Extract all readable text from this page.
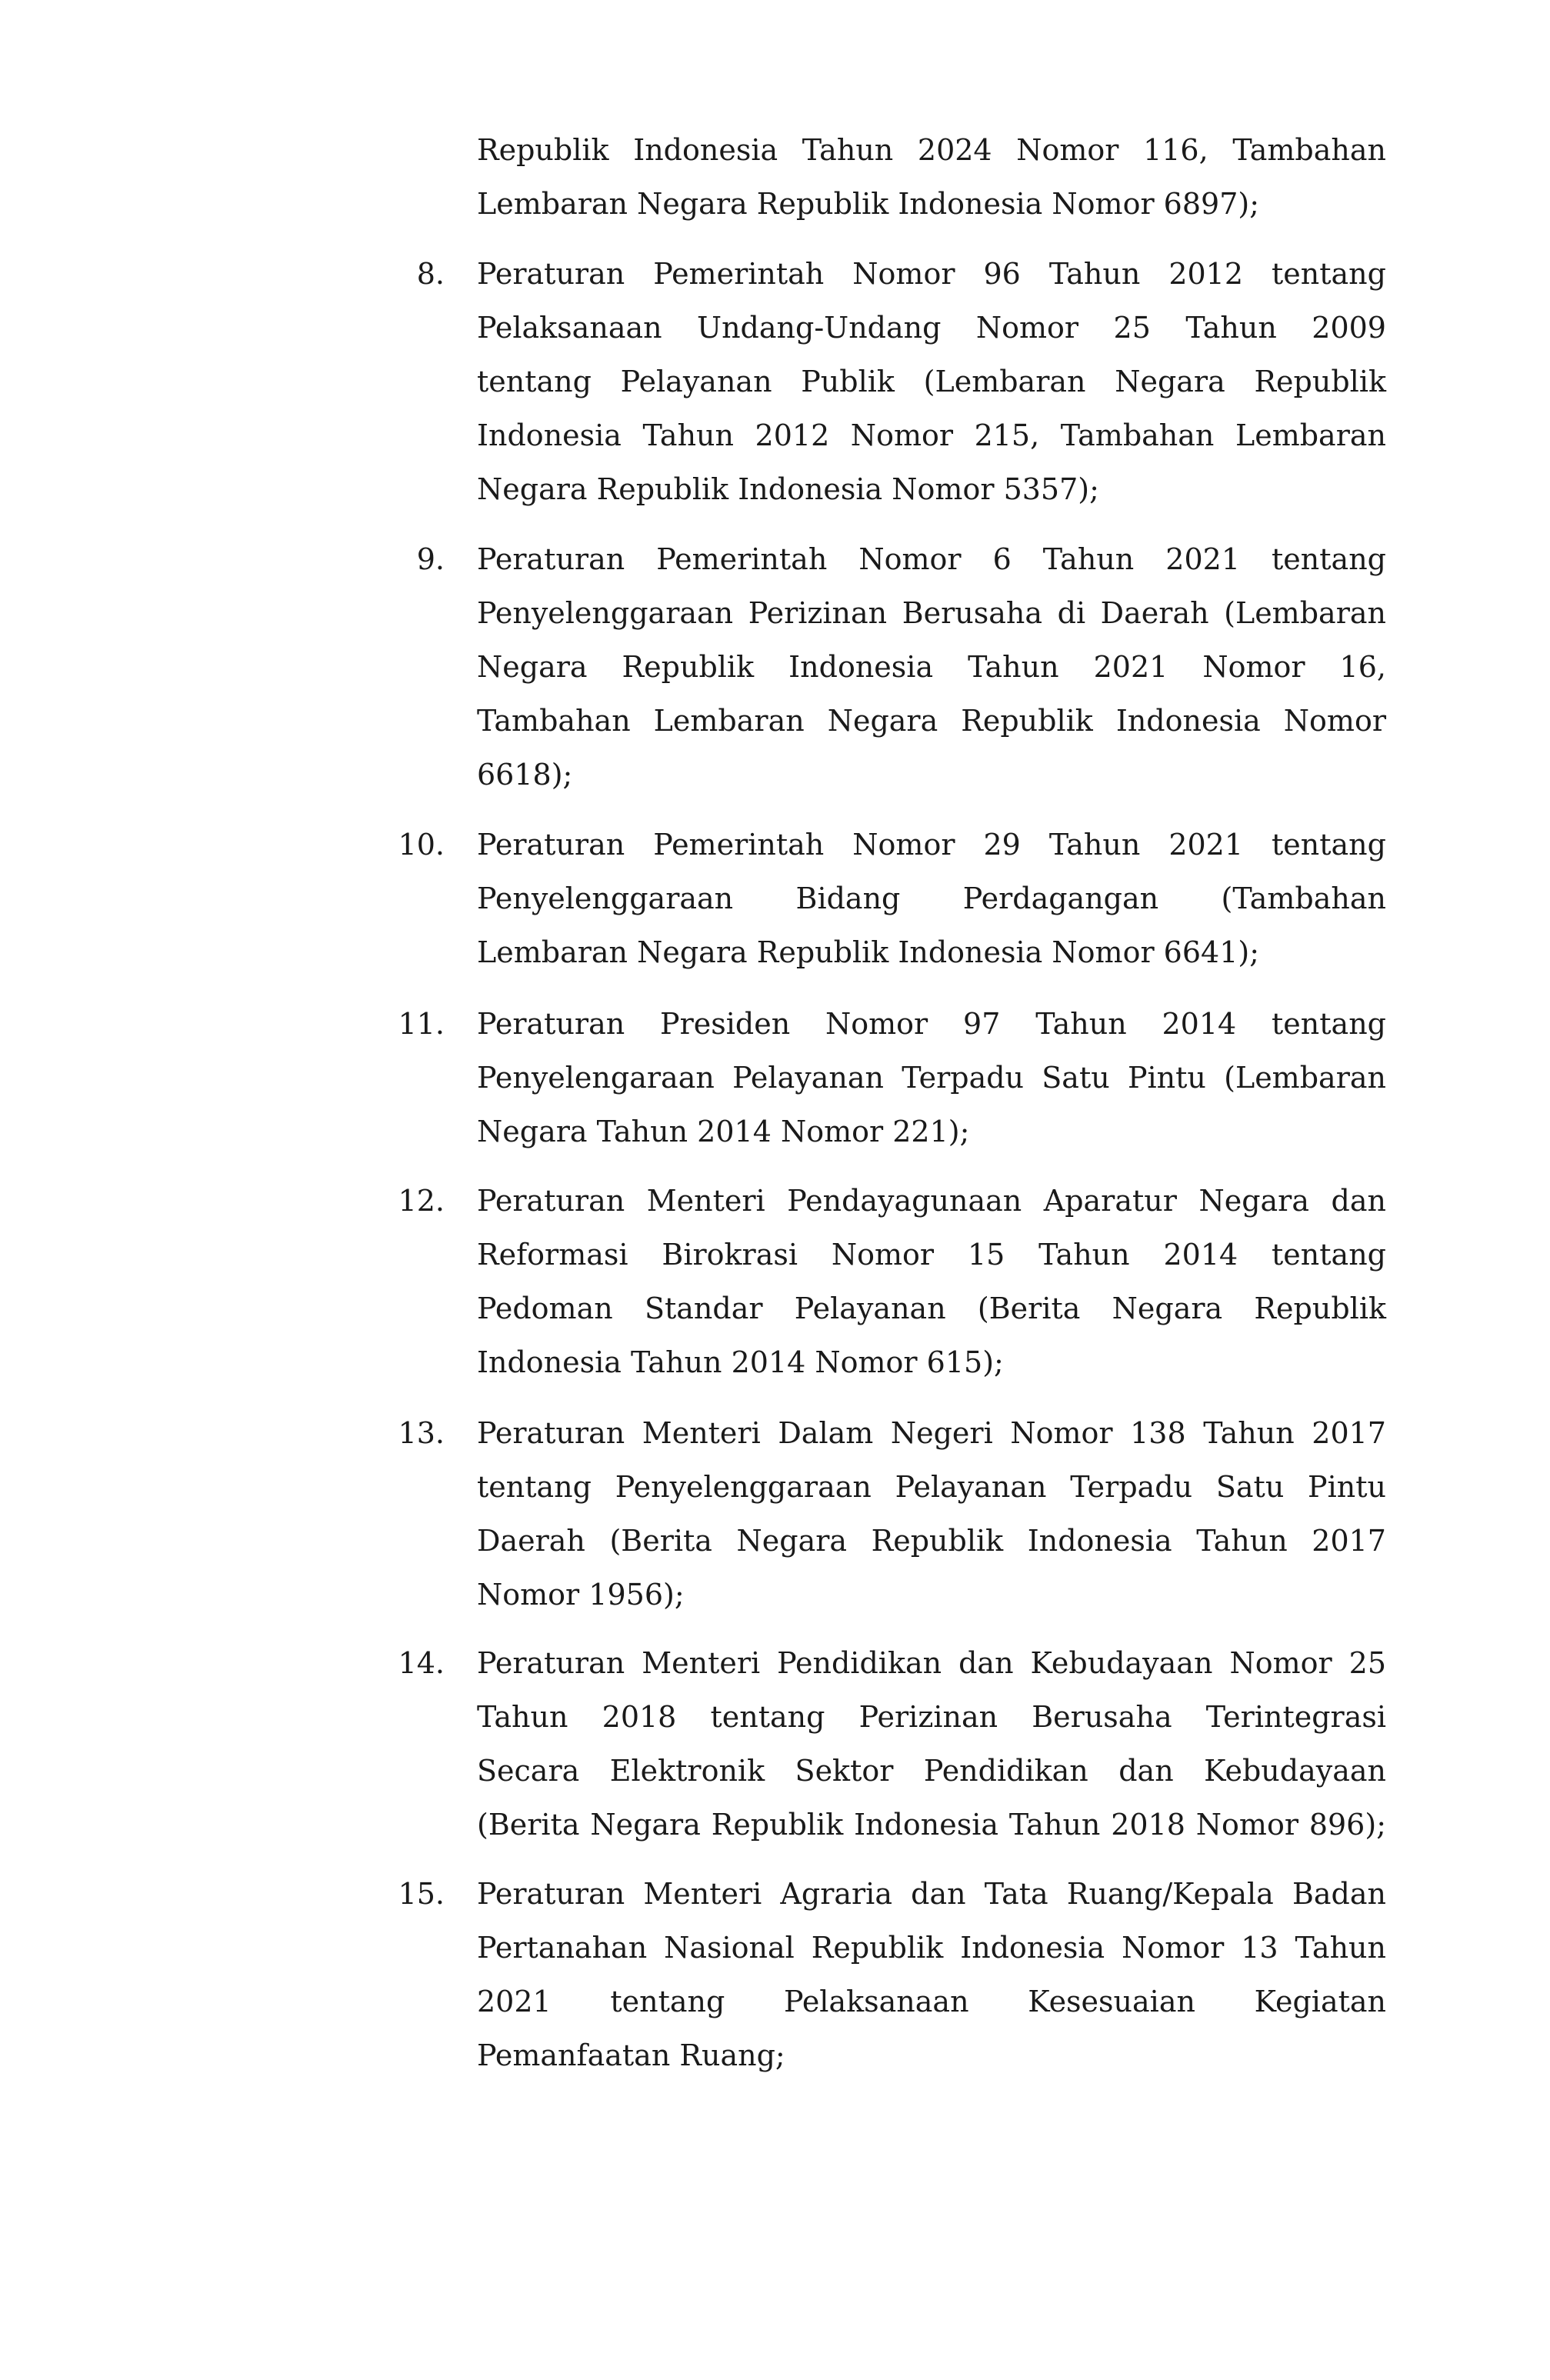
Republik Indonesia Tahun 2024 Nomor 116, Tambahan
Lembaran Negara Republik Indonesia Nomor 6897);
8. Peraturan Pemerintah Nomor 96 Tahun 2012 tentang
Pelaksanaan Undang-Undang Nomor 25 Tahun 2009
tentang Pelayanan Publik (Lembaran Negara Republik
Indonesia Tahun 2012 Nomor 215, Tambahan Lembaran
Negara Republik Indonesia Nomor 5357);
9. Peraturan Pemerintah Nomor 6 Tahun 2021 tentang
Penyelenggaraan Perizinan Berusaha di Daerah (Lembaran
Negara Republik Indonesia Tahun 2021 Nomor 16,
Tambahan Lembaran Negara Republik Indonesia Nomor
6618);
10. Peraturan Pemerintah Nomor 29 Tahun 2021 tentang
Penyelenggaraan Bidang Perdagangan (Tambahan
Lembaran Negara Republik Indonesia Nomor 6641);
11. Peraturan Presiden Nomor 97 Tahun 2014 tentang
Penyelengaraan Pelayanan Terpadu Satu Pintu (Lembaran
Negara Tahun 2014 Nomor 221);
12. Peraturan Menteri Pendayagunaan Aparatur Negara dan
Reformasi Birokrasi Nomor 15 Tahun 2014 tentang
Pedoman Standar Pelayanan (Berita Negara Republik
Indonesia Tahun 2014 Nomor 615);
13. Peraturan Menteri Dalam Negeri Nomor 138 Tahun 2017
tentang Penyelenggaraan Pelayanan Terpadu Satu Pintu
Daerah (Berita Negara Republik Indonesia Tahun 2017
Nomor 1956);
14. Peraturan Menteri Pendidikan dan Kebudayaan Nomor 25
Tahun 2018 tentang Perizinan Berusaha Terintegrasi
Secara Elektronik Sektor Pendidikan dan Kebudayaan
(Berita Negara Republik Indonesia Tahun 2018 Nomor 896);
15. Peraturan Menteri Agraria dan Tata Ruang/Kepala Badan
Pertanahan Nasional Republik Indonesia Nomor 13 Tahun
2021 tentang Pelaksanaan Kesesuaian Kegiatan
Pemanfaatan Ruang;
